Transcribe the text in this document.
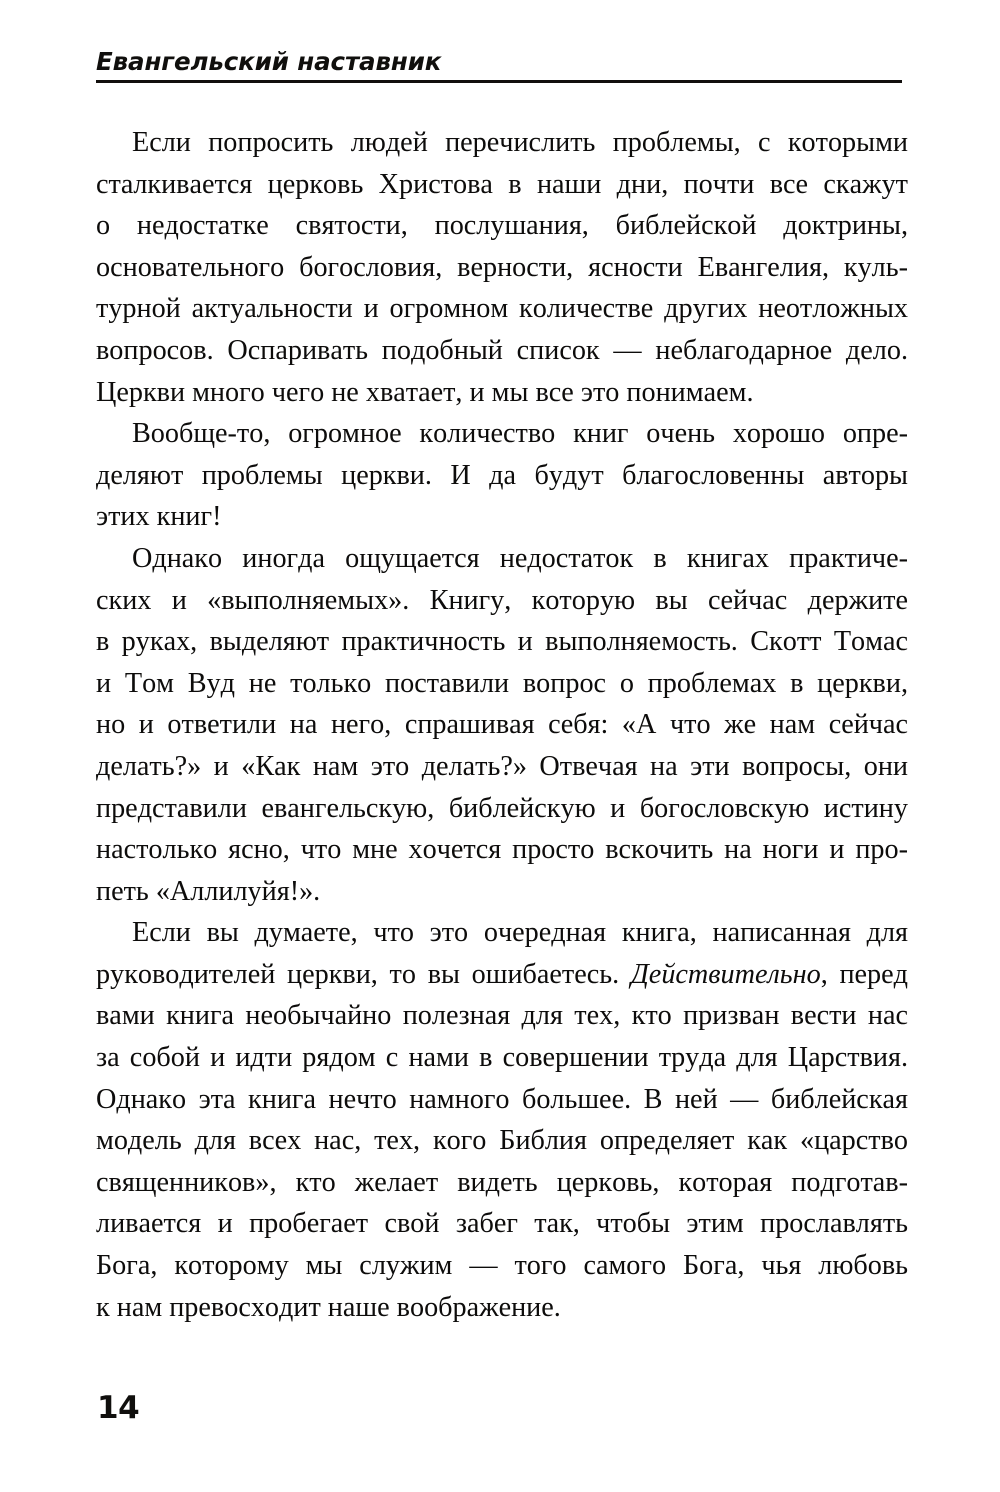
Евангельский наставник

Если попросить людей перечислить проблемы, с которыми
сталкивается церковь Христова в наши дни, почти все скажут
о недостатке святости, послушания, библейской доктрины,
основательного богословия, верности, ясности Евангелия, куль-
турной актуальности и огромном количестве других неотложных
вопросов. Оспаривать подобный список — неблагодарное дело.
Церкви много чего не хватает, и мы все это понимаем.

Вообще-то, огромное количество книг очень хорошо опре-
деляют проблемы церкви. И да будут благословенны авторы
этих книг!

Однако иногда ощущается недостаток в книгах практиче-
ских и «выполняемых». Книгу, которую вы сейчас держите
в руках, выделяют практичность и выполняемость. Скотт Томас
и Том Вуд не только поставили вопрос о проблемах в церкви,
но и ответили на него, спрашивая себя: «А что же нам сейчас
делать?» и «Как нам это делать?» Отвечая на эти вопросы, они
представили евангельскую, библейскую и богословскую истину
настолько ясно, что мне хочется просто вскочить на ноги и про-
петь «Аллилуйя!».

Если вы думаете, что это очередная книга, написанная для
руководителей церкви, то вы ошибаетесь. Действительно, перед
вами книга необычайно полезная для тех, кто призван вести нас
за собой и идти рядом с нами в совершении труда для Царствия.
Однако эта книга нечто намного большее. В ней — библейская
модель для всех нас, тех, кого Библия определяет как «царство
священников», кто желает видеть церковь, которая подготав-
ливается и пробегает свой забег так, чтобы этим прославлять
Бога, которому мы служим — того самого Бога, чья любовь
к нам превосходит наше воображение.

14
